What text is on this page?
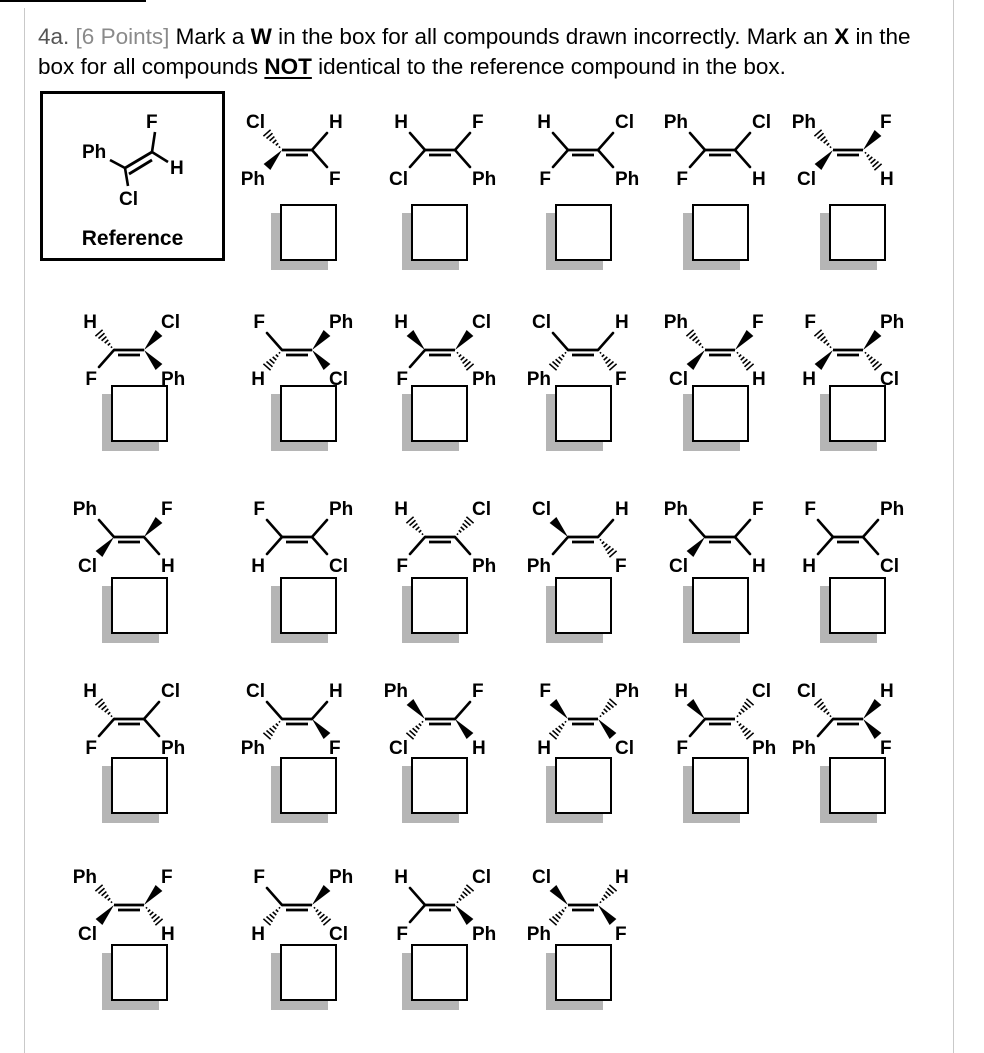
4a. [6 Points] Mark a W in the box for all compounds drawn incorrectly. Mark an X in the box for all compounds NOT identical to the reference compound in the box.
Reference
Ph
F
H
Cl
Cl	H
Ph	F
H	F
Cl	Ph
H	Cl
F	Ph
Ph	Cl
F	H
Ph	F
Cl	H
H	Cl
F	Ph
F	Ph
H	Cl
H	Cl
F	Ph
Cl	H
Ph	F
Ph	F
Cl	H
F	Ph
H	Cl
Ph	F
Cl	H
F	Ph
H	Cl
H	Cl
F	Ph
Cl	H
Ph	F
Ph	F
Cl	H
F	Ph
H	Cl
H	Cl
F	Ph
Cl	H
Ph	F
Ph	F
Cl	H
F	Ph
H	Cl
H	Cl
F	Ph
Cl	H
Ph	F
Ph	F
Cl	H
F	Ph
H	Cl
H	Cl
F	Ph
Cl	H
Ph	F
